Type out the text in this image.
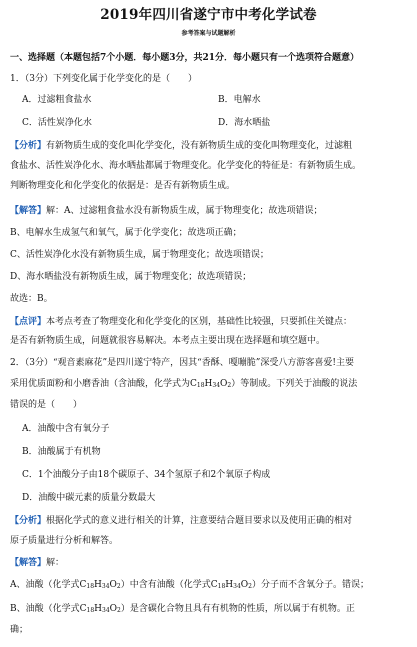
2019年四川省遂宁市中考化学试卷
参考答案与试题解析
一、选择题（本题包括7个小题．每小题3分，共21分．每小题只有一个选项符合题意）
1．（3分）下列变化属于化学变化的是（　　）
A．过滤粗食盐水	B．电解水
C．活性炭净化水	D．海水晒盐
【分析】有新物质生成的变化叫化学变化，没有新物质生成的变化叫物理变化，过滤粗
食盐水、活性炭净化水、海水晒盐都属于物理变化。化学变化的特征是：有新物质生成。
判断物理变化和化学变化的依据是：是否有新物质生成。
【解答】解：A、过滤粗食盐水没有新物质生成，属于物理变化；故选项错误；
B、电解水生成氢气和氧气，属于化学变化；故选项正确；
C、活性炭净化水没有新物质生成，属于物理变化；故选项错误；
D、海水晒盐没有新物质生成，属于物理变化；故选项错误；
故选：B。
【点评】本考点考查了物理变化和化学变化的区别，基础性比较强，只要抓住关键点：
是否有新物质生成，问题就很容易解决。本考点主要出现在选择题和填空题中。
2．（3分）“观音素麻花”是四川遂宁特产，因其“香酥、嘎嘣脆”深受八方游客喜爱!主要
采用优质面粉和小磨香油（含油酸，化学式为C18H34O2）等制成。下列关于油酸的说法
错误的是（　　）
A．油酸中含有氧分子
B．油酸属于有机物
C．1个油酸分子由18个碳原子、34个氢原子和2个氧原子构成
D．油酸中碳元素的质量分数最大
【分析】根据化学式的意义进行相关的计算，注意要结合题目要求以及使用正确的相对
原子质量进行分析和解答。
【解答】解：
A、油酸（化学式C18H34O2）中含有油酸（化学式C18H34O2）分子而不含氧分子。错误；
B、油酸（化学式C18H34O2）是含碳化合物且具有有机物的性质，所以属于有机物。正
确；
